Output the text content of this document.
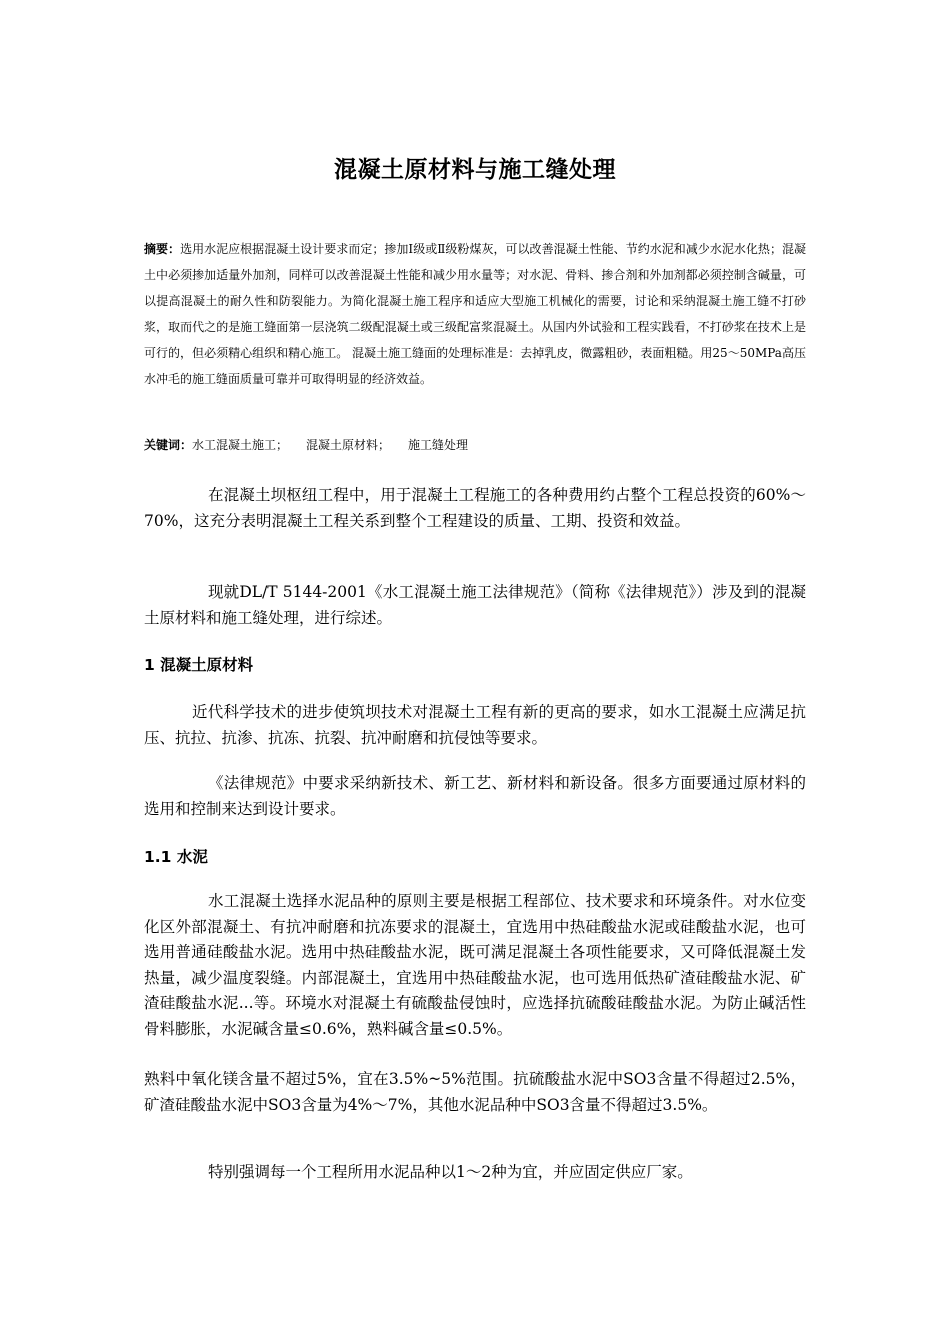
混凝土原材料与施工缝处理

摘要：选用水泥应根据混凝土设计要求而定；掺加Ⅰ级或Ⅱ级粉煤灰，可以改善混凝土性能、节约水泥和减少水泥水化热；混凝土中必须掺加适量外加剂，同样可以改善混凝土性能和减少用水量等；对水泥、骨料、掺合剂和外加剂都必须控制含碱量，可以提高混凝土的耐久性和防裂能力。为简化混凝土施工程序和适应大型施工机械化的需要，讨论和采纳混凝土施工缝不打砂浆，取而代之的是施工缝面第一层浇筑二级配混凝土或三级配富浆混凝土。从国内外试验和工程实践看，不打砂浆在技术上是可行的，但必须精心组织和精心施工。 混凝土施工缝面的处理标准是：去掉乳皮，微露粗砂，表面粗糙。用25～50MPa高压水冲毛的施工缝面质量可靠并可取得明显的经济效益。

关键词：水工混凝土施工； 混凝土原材料； 施工缝处理

在混凝土坝枢纽工程中，用于混凝土工程施工的各种费用约占整个工程总投资的60%～70%，这充分表明混凝土工程关系到整个工程建设的质量、工期、投资和效益。

现就DL/T 5144-2001《水工混凝土施工法律规范》（简称《法律规范》）涉及到的混凝土原材料和施工缝处理，进行综述。

1 混凝土原材料

近代科学技术的进步使筑坝技术对混凝土工程有新的更高的要求，如水工混凝土应满足抗压、抗拉、抗渗、抗冻、抗裂、抗冲耐磨和抗侵蚀等要求。

《法律规范》中要求采纳新技术、新工艺、新材料和新设备。很多方面要通过原材料的选用和控制来达到设计要求。

1.1 水泥

水工混凝土选择水泥品种的原则主要是根据工程部位、技术要求和环境条件。对水位变化区外部混凝土、有抗冲耐磨和抗冻要求的混凝土，宜选用中热硅酸盐水泥或硅酸盐水泥，也可选用普通硅酸盐水泥。选用中热硅酸盐水泥，既可满足混凝土各项性能要求，又可降低混凝土发热量，减少温度裂缝。内部混凝土，宜选用中热硅酸盐水泥，也可选用低热矿渣硅酸盐水泥、矿渣硅酸盐水泥...等。环境水对混凝土有硫酸盐侵蚀时，应选择抗硫酸硅酸盐水泥。为防止碱活性骨料膨胀，水泥碱含量≤0.6%，熟料碱含量≤0.5%。

熟料中氧化镁含量不超过5%，宜在3.5%~5%范围。抗硫酸盐水泥中SO3含量不得超过2.5%，矿渣硅酸盐水泥中SO3含量为4%～7%，其他水泥品种中SO3含量不得超过3.5%。

特别强调每一个工程所用水泥品种以1～2种为宜，并应固定供应厂家。
